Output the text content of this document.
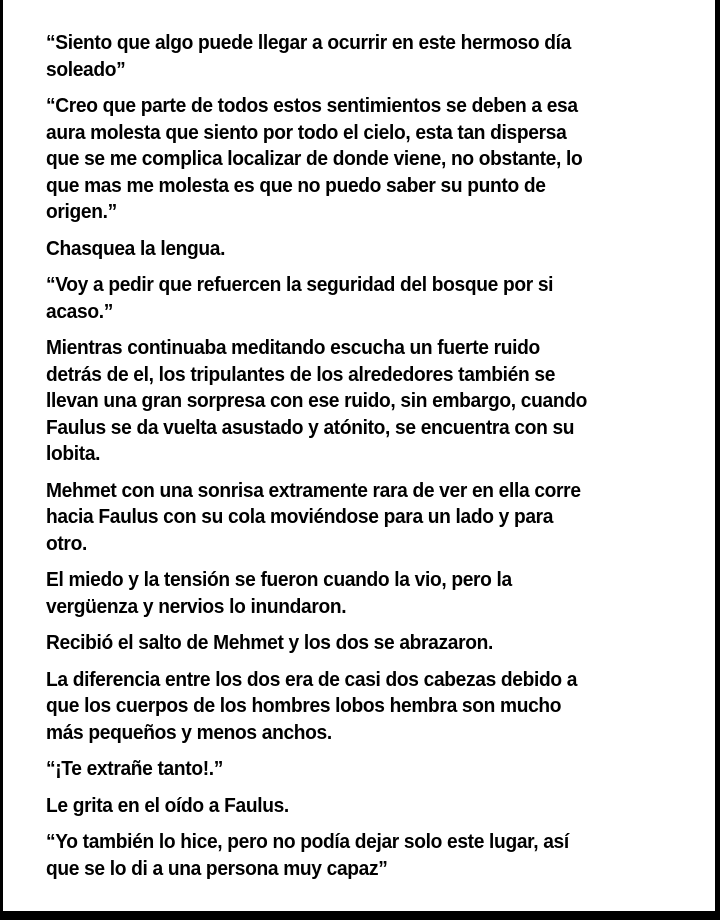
“Siento que algo puede llegar a ocurrir en este hermoso día
soleado”

“Creo que parte de todos estos sentimientos se deben a esa
aura molesta que siento por todo el cielo, esta tan dispersa
que se me complica localizar de donde viene, no obstante, lo
que mas me molesta es que no puedo saber su punto de
origen.”

Chasquea la lengua.

“Voy a pedir que refuercen la seguridad del bosque por si
acaso.”

Mientras continuaba meditando escucha un fuerte ruido
detrás de el, los tripulantes de los alrededores también se
llevan una gran sorpresa con ese ruido, sin embargo, cuando
Faulus se da vuelta asustado y atónito, se encuentra con su
lobita.

Mehmet con una sonrisa extramente rara de ver en ella corre
hacia Faulus con su cola moviéndose para un lado y para
otro.

El miedo y la tensión se fueron cuando la vio, pero la
vergüenza y nervios lo inundaron.

Recibió el salto de Mehmet y los dos se abrazaron.

La diferencia entre los dos era de casi dos cabezas debido a
que los cuerpos de los hombres lobos hembra son mucho
más pequeños y menos anchos.

“¡Te extrañe tanto!.”

Le grita en el oído a Faulus.

“Yo también lo hice, pero no podía dejar solo este lugar, así
que se lo di a una persona muy capaz”
